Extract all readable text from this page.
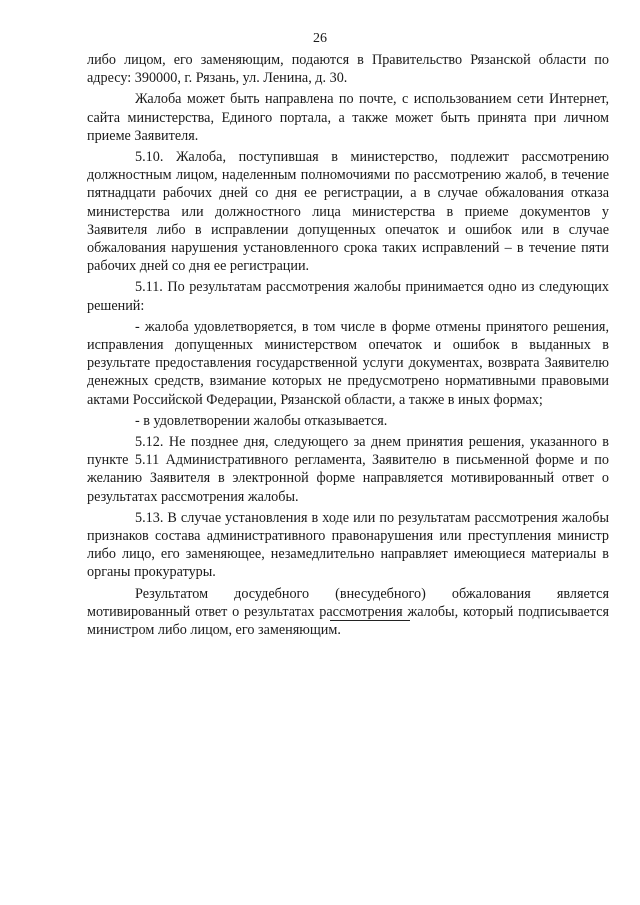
26

либо лицом, его заменяющим, подаются в Правительство Рязанской области по адресу: 390000, г. Рязань, ул. Ленина, д. 30.

Жалоба может быть направлена по почте, с использованием сети Интернет, сайта министерства, Единого портала, а также может быть принята при личном приеме Заявителя.

5.10. Жалоба, поступившая в министерство, подлежит рассмотрению должностным лицом, наделенным полномочиями по рассмотрению жалоб, в течение пятнадцати рабочих дней со дня ее регистрации, а в случае обжалования отказа министерства или должностного лица министерства в приеме документов у Заявителя либо в исправлении допущенных опечаток и ошибок или в случае обжалования нарушения установленного срока таких исправлений – в течение пяти рабочих дней со дня ее регистрации.

5.11. По результатам рассмотрения жалобы принимается одно из следующих решений:

- жалоба удовлетворяется, в том числе в форме отмены принятого решения, исправления допущенных министерством опечаток и ошибок в выданных в результате предоставления государственной услуги документах, возврата Заявителю денежных средств, взимание которых не предусмотрено нормативными правовыми актами Российской Федерации, Рязанской области, а также в иных формах;

- в удовлетворении жалобы отказывается.

5.12. Не позднее дня, следующего за днем принятия решения, указанного в пункте 5.11 Административного регламента, Заявителю в письменной форме и по желанию Заявителя в электронной форме направляется мотивированный ответ о результатах рассмотрения жалобы.

5.13. В случае установления в ходе или по результатам рассмотрения жалобы признаков состава административного правонарушения или преступления министр либо лицо, его заменяющее, незамедлительно направляет имеющиеся материалы в органы прокуратуры.

Результатом досудебного (внесудебного) обжалования является мотивированный ответ о результатах рассмотрения жалобы, который подписывается министром либо лицом, его заменяющим.
